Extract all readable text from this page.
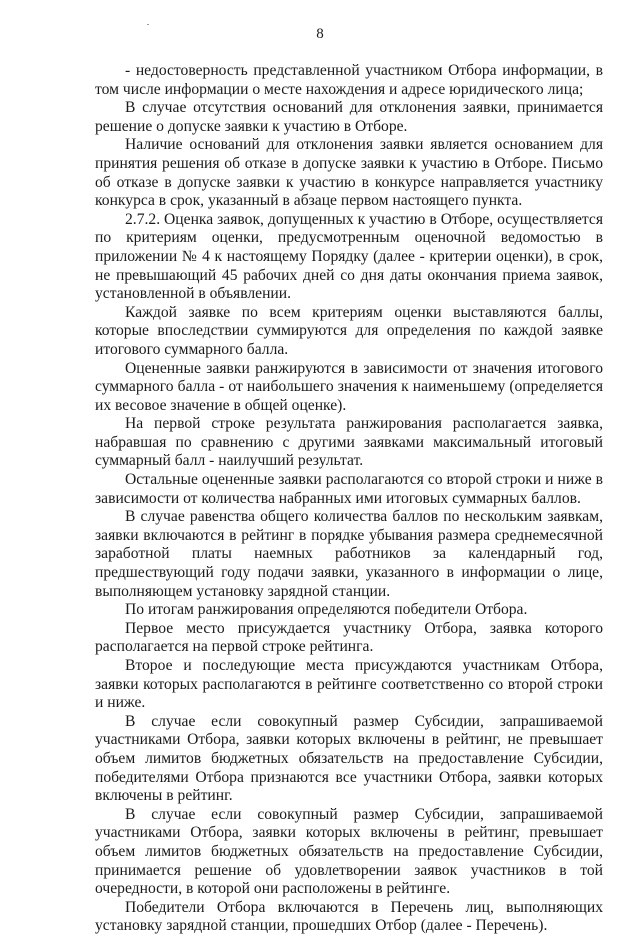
8

- недостоверность представленной участником Отбора информации, в том числе информации о месте нахождения и адресе юридического лица;

В случае отсутствия оснований для отклонения заявки, принимается решение о допуске заявки к участию в Отборе.

Наличие оснований для отклонения заявки является основанием для принятия решения об отказе в допуске заявки к участию в Отборе. Письмо об отказе в допуске заявки к участию в конкурсе направляется участнику конкурса в срок, указанный в абзаце первом настоящего пункта.

2.7.2. Оценка заявок, допущенных к участию в Отборе, осуществляется по критериям оценки, предусмотренным оценочной ведомостью в приложении № 4 к настоящему Порядку (далее - критерии оценки), в срок, не превышающий 45 рабочих дней со дня даты окончания приема заявок, установленной в объявлении.

Каждой заявке по всем критериям оценки выставляются баллы, которые впоследствии суммируются для определения по каждой заявке итогового суммарного балла.

Оцененные заявки ранжируются в зависимости от значения итогового суммарного балла - от наибольшего значения к наименьшему (определяется их весовое значение в общей оценке).

На первой строке результата ранжирования располагается заявка, набравшая по сравнению с другими заявками максимальный итоговый суммарный балл - наилучший результат.

Остальные оцененные заявки располагаются со второй строки и ниже в зависимости от количества набранных ими итоговых суммарных баллов.

В случае равенства общего количества баллов по нескольким заявкам, заявки включаются в рейтинг в порядке убывания размера среднемесячной заработной платы наемных работников за календарный год, предшествующий году подачи заявки, указанного в информации о лице, выполняющем установку зарядной станции.

По итогам ранжирования определяются победители Отбора.

Первое место присуждается участнику Отбора, заявка которого располагается на первой строке рейтинга.

Второе и последующие места присуждаются участникам Отбора, заявки которых располагаются в рейтинге соответственно со второй строки и ниже.

В случае если совокупный размер Субсидии, запрашиваемой участниками Отбора, заявки которых включены в рейтинг, не превышает объем лимитов бюджетных обязательств на предоставление Субсидии, победителями Отбора признаются все участники Отбора, заявки которых включены в рейтинг.

В случае если совокупный размер Субсидии, запрашиваемой участниками Отбора, заявки которых включены в рейтинг, превышает объем лимитов бюджетных обязательств на предоставление Субсидии, принимается решение об удовлетворении заявок участников в той очередности, в которой они расположены в рейтинге.

Победители Отбора включаются в Перечень лиц, выполняющих установку зарядной станции, прошедших Отбор (далее - Перечень).
